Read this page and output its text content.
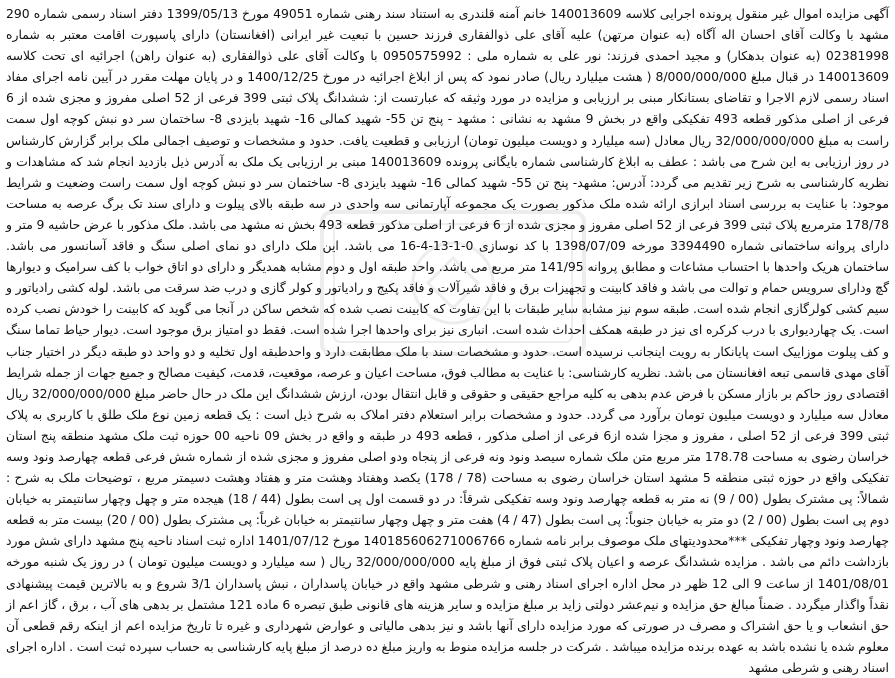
آگهی مزایده اموال غیر منقول پرونده اجرایی کلاسه 140013609 خانم آمنه قلندری به استناد سند رهنی شماره 49051 مورخ 1399/05/13 دفتر اسناد رسمی شماره 290 مشهد با وکالت آقای احسان اله آگاه (به عنوان مرتهن) علیه آقای علی ذوالفقاری فرزند حسین با تبعیت غیر ایرانی (افغانستان) دارای پاسپورت اقامت معتبر به شماره 02381998 (به عنوان بدهکار) و مجید احمدی فرزند: نور علی به شماره ملی : 0950575992 با وکالت آقای علی ذوالفقاری (به عنوان راهن) اجرائیه ای تحت کلاسه 140013609 در قبال مبلغ 8/000/000/000 ( هشت میلیارد ریال) صادر نمود که پس از ابلاغ اجرائیه در مورخ 1400/12/25 و در پایان مهلت مقرر در آیین نامه اجرای مفاد اسناد رسمی لازم الاجرا و تقاضای بستانکار مبنی بر ارزیابی و مزایده در مورد وثیقه که عبارتست از: ششدانگ پلاک ثبتی 399 فرعی از 52 اصلی مفروز و مجزی شده از 6 فرعی از اصلی مذکور قطعه 493 تفکیکی واقع در بخش 9 مشهد به نشانی : مشهد - پنج تن 55- شهید کمالی 16- شهید بایزدی 8- ساختمان سر دو نبش کوچه اول سمت راست به مبلغ 32/000/000/000 ریال معادل (سه میلیارد و دویست میلیون تومان) ارزیابی و قطعیت یافت. حدود و مشخصات و توصیف اجمالی ملک برابر گزارش کارشناس در روز ارزیابی به این شرح می باشد : عطف به ابلاغ کارشناسی شماره بایگانی پرونده 140013609 مبنی بر ارزیابی یک ملک به آدرس ذیل بازدید انجام شد که مشاهدات و نظریه کارشناسی به شرح زیر تقدیم می گردد: آدرس: مشهد- پنج تن 55- شهید کمالی 16- شهید بایزدی 8- ساختمان سر دو نبش کوچه اول سمت راست وضعیت و شرایط موجود: با عنایت به بررسی اسناد ابرازی ارائه شده ملک مذکور بصورت یک مجموعه آپارتمانی سه واحدی در سه طبقه بالای پیلوت و دارای سند تک برگ عرصه به مساحت 178/78 مترمربع پلاک ثبتی 399 فرعی از 52 اصلی مفروز و مجزی شده از 6 فرعی از اصلی مذکور قطعه 493 بخش نه مشهد می باشد. ملک مذکور با عرض حاشیه 9 متر و دارای پروانه ساختمانی شماره 3394490 مورخه 1398/07/09 با کد نوسازی 0-1-13-4-16 می باشد. این ملک دارای دو نمای اصلی سنگ و فاقد آسانسور می باشد. ساختمان هریک واحدها با احتساب مشاعات و مطابق پروانه 141/95 متر مربع می باشد. واحد طبقه اول و دوم مشابه همدیگر و دارای دو اتاق خواب با کف سرامیک و دیوارها گچ ودارای سرویس حمام و توالت می باشد و فاقد کابینت و تجهیزات برق و فاقد شیرآلات و فاقد پکیج و رادیاتور و کولر گازی و درب ضد سرقت می باشد. لوله کشی رادیاتور و سیم کشی کولرگازی انجام شده است. طبقه سوم نیز مشابه سایر طبقات با این تفاوت که کابینت نصب شده که شخص ساکن در آنجا می گوید که کابینت را خودش نصب کرده است. یک چهاردیواری با درب کرکره ای نیز در طبقه همکف احداث شده است. انباری نیز برای واحدها اجرا شده است. فقط دو امتیاز برق موجود است. دیوار حیاط تماما سنگ و کف پیلوت موزاییک است پایانکار به رویت اینجانب نرسیده است. حدود و مشخصات سند با ملک مطابقت دارد و واحدطبقه اول تخلیه و دو واحد دو طبقه دیگر در اختیار جناب آقای مهدی قاسمی تبعه افغانستان می باشد. نظریه کارشناسی: با عنایت به مطالب فوق، مساحت اعیان و عرصه، موقعیت، قدمت، کیفیت مصالح و جمیع جهات از جمله شرایط اقتصادی روز حاکم بر بازار مسکن با فرض عدم بدهی به کلیه مراجع حقیقی و حقوقی و قابل انتقال بودن، ارزش ششدانگ این ملک در حال حاضر مبلغ 32/000/000/000 ریال معادل سه میلیارد و دویست میلیون تومان برآورد می گردد. حدود و مشخصات برابر استعلام دفتر املاک به شرح ذیل است : یک قطعه زمین نوع ملک طلق با کاربری به پلاک ثبتی 399 فرعی از 52 اصلی ، مفروز و مجزا شده از6 فرعی از اصلی مذکور ، قطعه 493 در طبقه و واقع در بخش 09 ناحیه 00 حوزه ثبت ملک مشهد منطقه پنج استان خراسان رضوی به مساحت 178.78 متر مربع متن ملک شماره سیصد ونود ونه فرعی از پنجاه ودو اصلی مفروز و مجزی شده از شماره شش فرعی قطعه چهارصد ونود وسه تفکیکی واقع در حوزه ثبتی منطقه 5 مشهد استان خراسان رضوی به مساحت (78 / 178) یکصد وهفتاد وهشت متر و هفتاد وهشت دسیمتر مربع ، توضیحات ملک به شرح : شمالاً: پی مشترک بطول (00 / 9) نه متر به قطعه چهارصد ونود وسه تفکیکی شرقاً: در دو قسمت اول پی است بطول (44 / 18) هیجده متر و چهل وچهار سانتیمتر به خیابان دوم پی است بطول (00 / 2) دو متر به خیابان جنوباً: پی است بطول (47 / 4) هفت متر و چهل وچهار سانتیمتر به خیابان غرباً: پی مشترک بطول (00 / 20) بیست متر به قطعه چهارصد ونود وچهار تفکیکی ***محدودیتهای ملک موصوف برابر نامه شماره 140185606271006766 مورخ 1401/07/12 اداره ثبت اسناد ناحیه پنج مشهد دارای شش مورد بازداشت دائم می باشد . مزایده ششدانگ عرصه و اعیان پلاک ثبتی فوق از مبلغ پایه 32/000/000/000 ریال ( سه میلیارد و دویست میلیون تومان ) در روز یک شنبه مورخه 1401/08/01 از ساعت 9 الی 12 ظهر در محل اداره اجرای اسناد رهنی و شرطی مشهد واقع در خیابان پاسداران ، نبش پاسداران 3/1 شروع و به بالاترین قیمت پیشنهادی نقداً واگذار میگردد . ضمناً مبالغ حق مزایده و نیم‌عشر دولتی زاید بر مبلغ مزایده و سایر هزینه های قانونی طبق تبصره 6 ماده 121 مشتمل بر بدهی های آب ، برق ، گاز اعم از حق انشعاب و یا حق اشتراک و مصرف در صورتی که مورد مزایده دارای آنها باشد و نیز بدهی مالیاتی و عوارض شهرداری و غیره تا تاریخ مزایده اعم از اینکه رقم قطعی آن معلوم شده یا نشده باشد به عهده برنده مزایده میباشد . شرکت در جلسه مزایده منوط به واریز مبلغ ده درصد از مبلغ پایه کارشناسی به حساب سپرده ثبت است . اداره اجرای اسناد رهنی و شرطی مشهد
